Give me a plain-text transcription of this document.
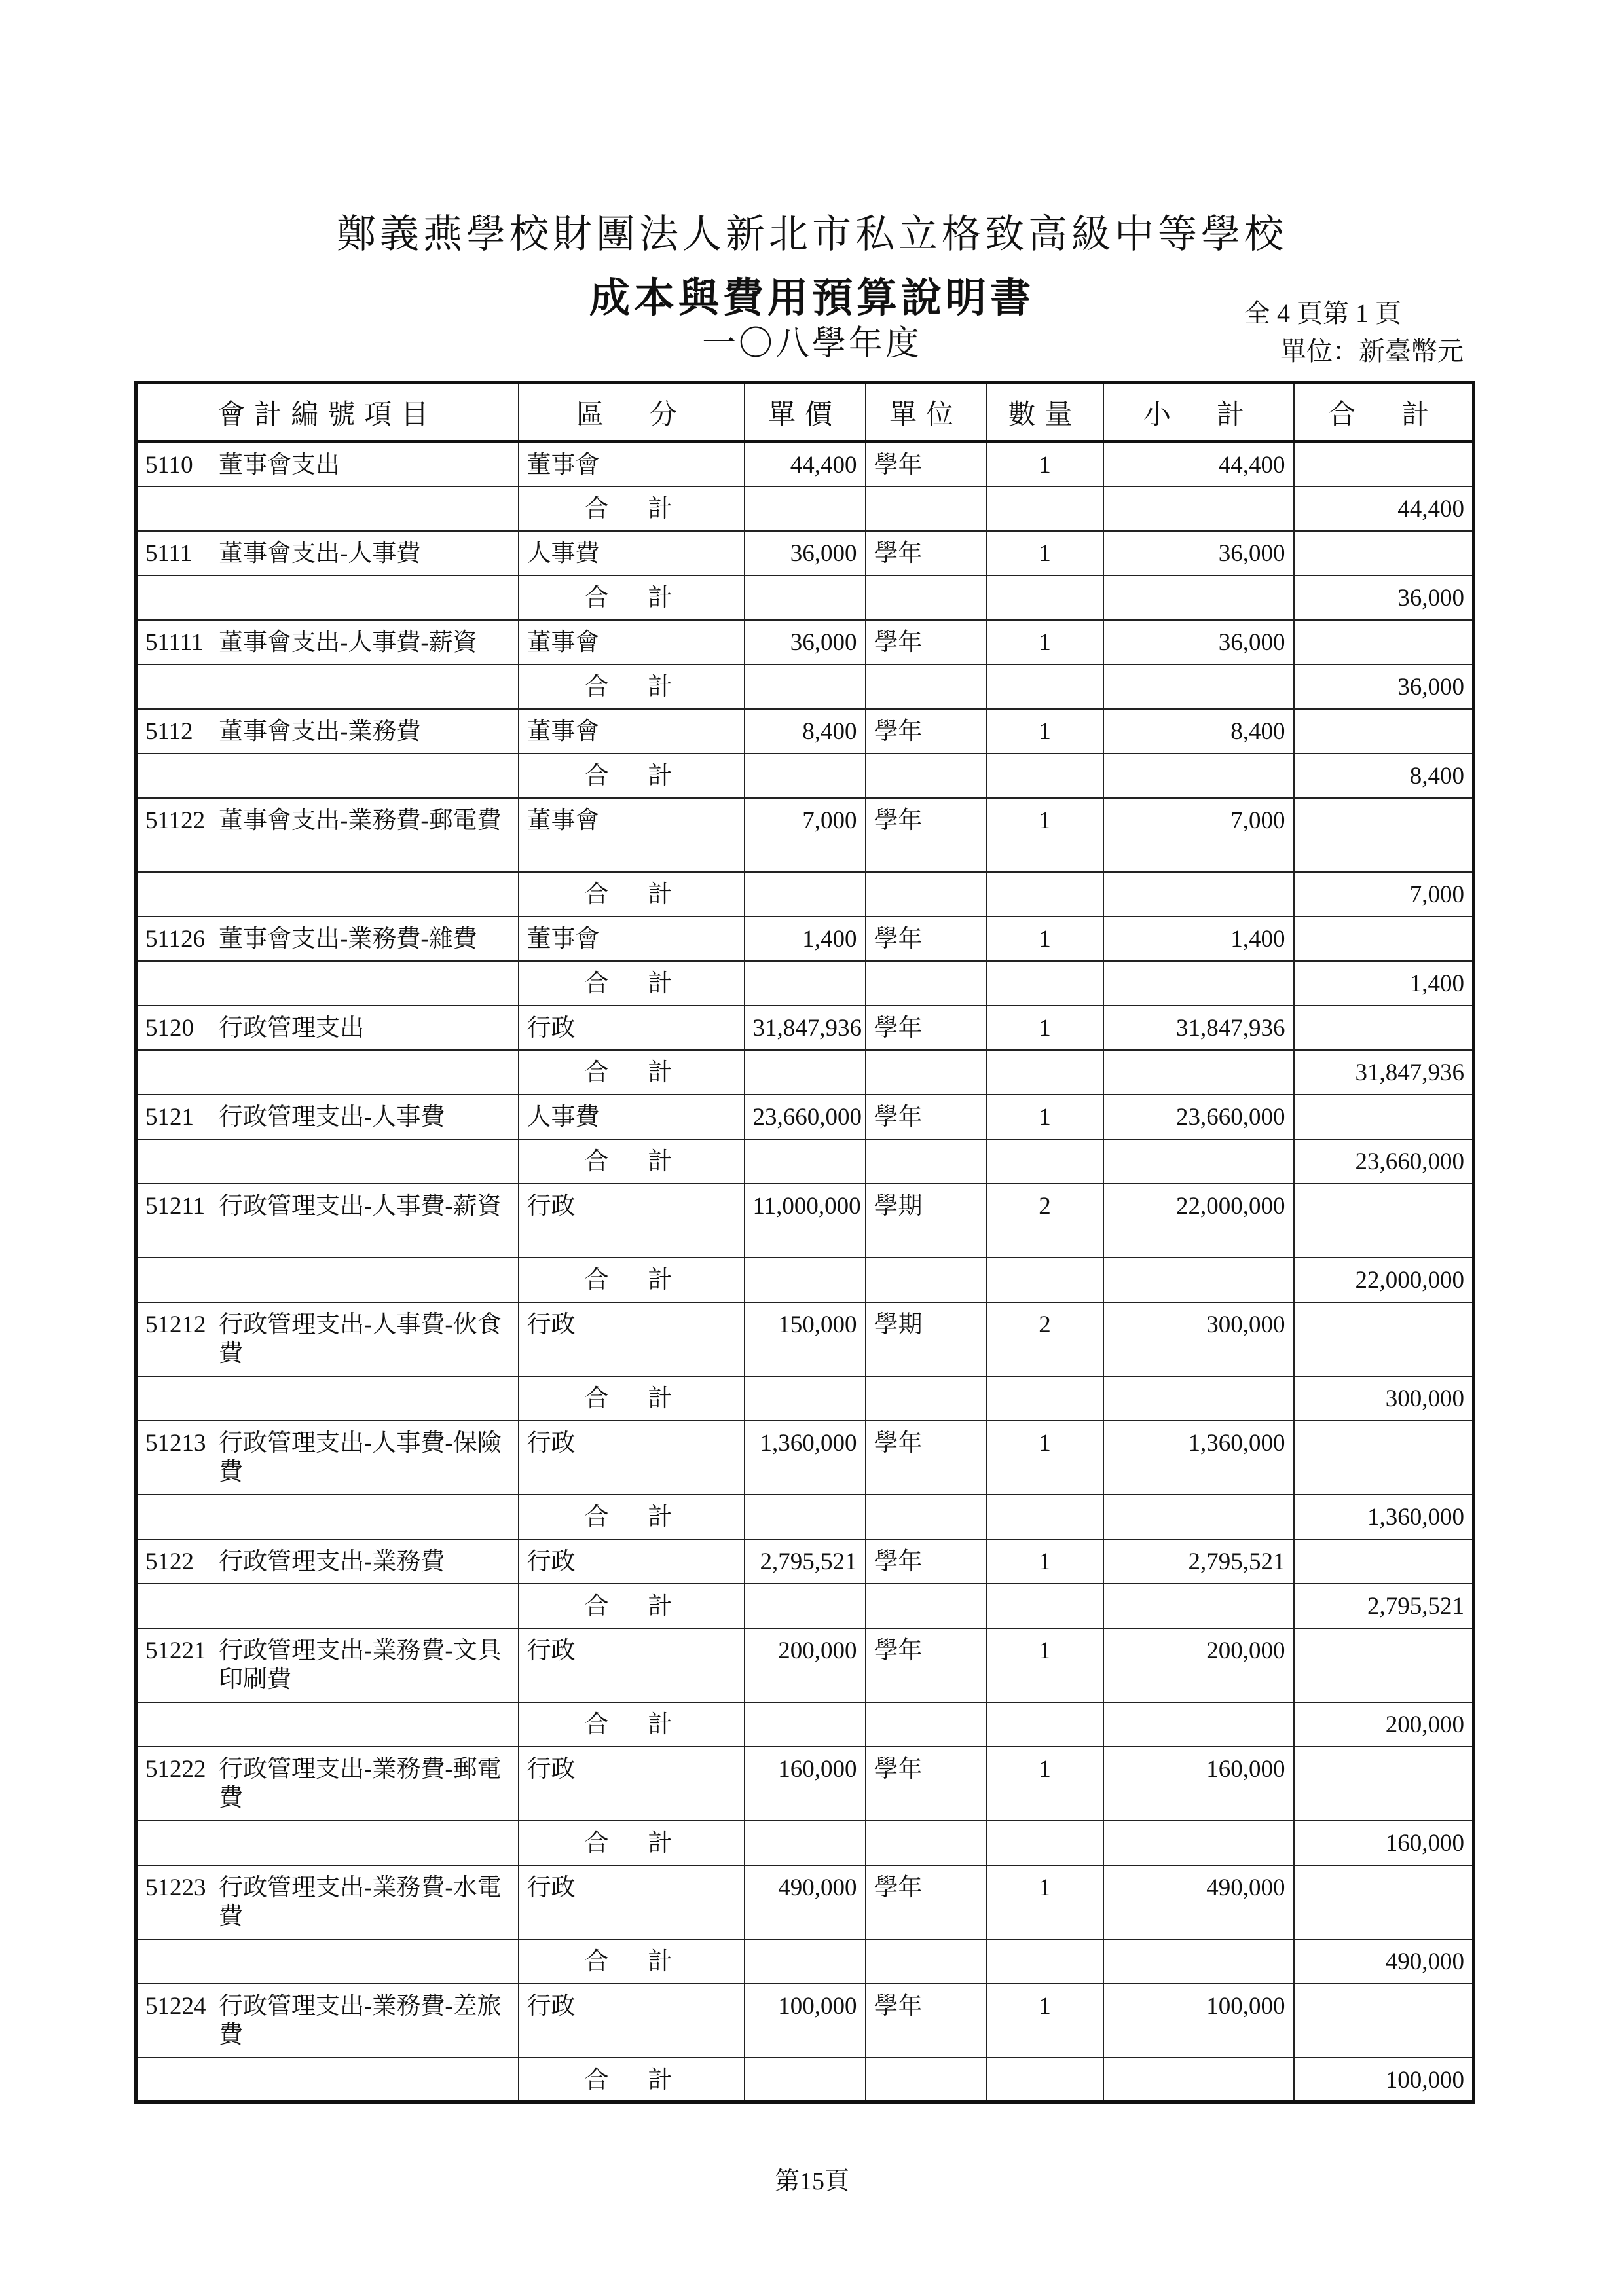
鄭義燕學校財團法人新北市私立格致高級中等學校
成本與費用預算說明書
一〇八學年度
全 4 頁第 1 頁
單位：新臺幣元
會計編號項目	區　分	單價	單位	數量	小　計	合　計

5110 董事會支出	董事會	44,400	學年	1	44,400	
	合計					44,400

5111 董事會支出-人事費	人事費	36,000	學年	1	36,000	
	合計					36,000

51111 董事會支出-人事費-薪資	董事會	36,000	學年	1	36,000	
	合計					36,000

5112 董事會支出-業務費	董事會	8,400	學年	1	8,400	
	合計					8,400

51122 董事會支出-業務費-郵電費	董事會	7,000	學年	1	7,000	
	合計					7,000

51126 董事會支出-業務費-雜費	董事會	1,400	學年	1	1,400	
	合計					1,400

5120 行政管理支出	行政	31,847,936	學年	1	31,847,936	
	合計					31,847,936

5121 行政管理支出-人事費	人事費	23,660,000	學年	1	23,660,000	
	合計					23,660,000

51211 行政管理支出-人事費-薪資	行政	11,000,000	學期	2	22,000,000	
	合計					22,000,000

51212 行政管理支出-人事費-伙食費	行政	150,000	學期	2	300,000	
	合計					300,000

51213 行政管理支出-人事費-保險費	行政	1,360,000	學年	1	1,360,000	
	合計					1,360,000

5122 行政管理支出-業務費	行政	2,795,521	學年	1	2,795,521	
	合計					2,795,521

51221 行政管理支出-業務費-文具印刷費	行政	200,000	學年	1	200,000	
	合計					200,000

51222 行政管理支出-業務費-郵電費	行政	160,000	學年	1	160,000	
	合計					160,000

51223 行政管理支出-業務費-水電費	行政	490,000	學年	1	490,000	
	合計					490,000

51224 行政管理支出-業務費-差旅費	行政	100,000	學年	1	100,000	
	合計					100,000
第15頁
